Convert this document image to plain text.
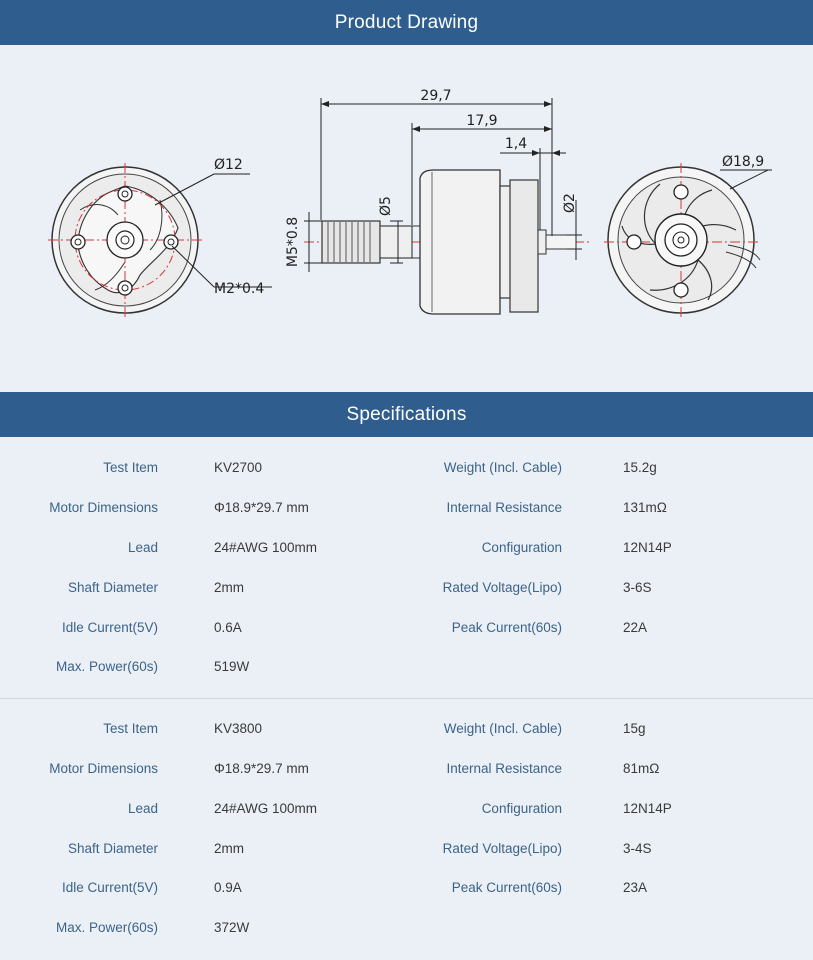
Product Drawing
Ø12
M2*0.4
29,7
17,9
1,4
Ø5
M5*0.8
Ø2
Ø18,9
Specifications
Test Item	KV2700	Weight (Incl. Cable)	15.2g
Motor Dimensions	Φ18.9*29.7 mm	Internal Resistance	131mΩ
Lead	24#AWG 100mm	Configuration	12N14P
Shaft Diameter	2mm	Rated Voltage(Lipo)	3-6S
Idle Current(5V)	0.6A	Peak Current(60s)	22A
Max. Power(60s)	519W
Test Item	KV3800	Weight (Incl. Cable)	15g
Motor Dimensions	Φ18.9*29.7 mm	Internal Resistance	81mΩ
Lead	24#AWG 100mm	Configuration	12N14P
Shaft Diameter	2mm	Rated Voltage(Lipo)	3-4S
Idle Current(5V)	0.9A	Peak Current(60s)	23A
Max. Power(60s)	372W
